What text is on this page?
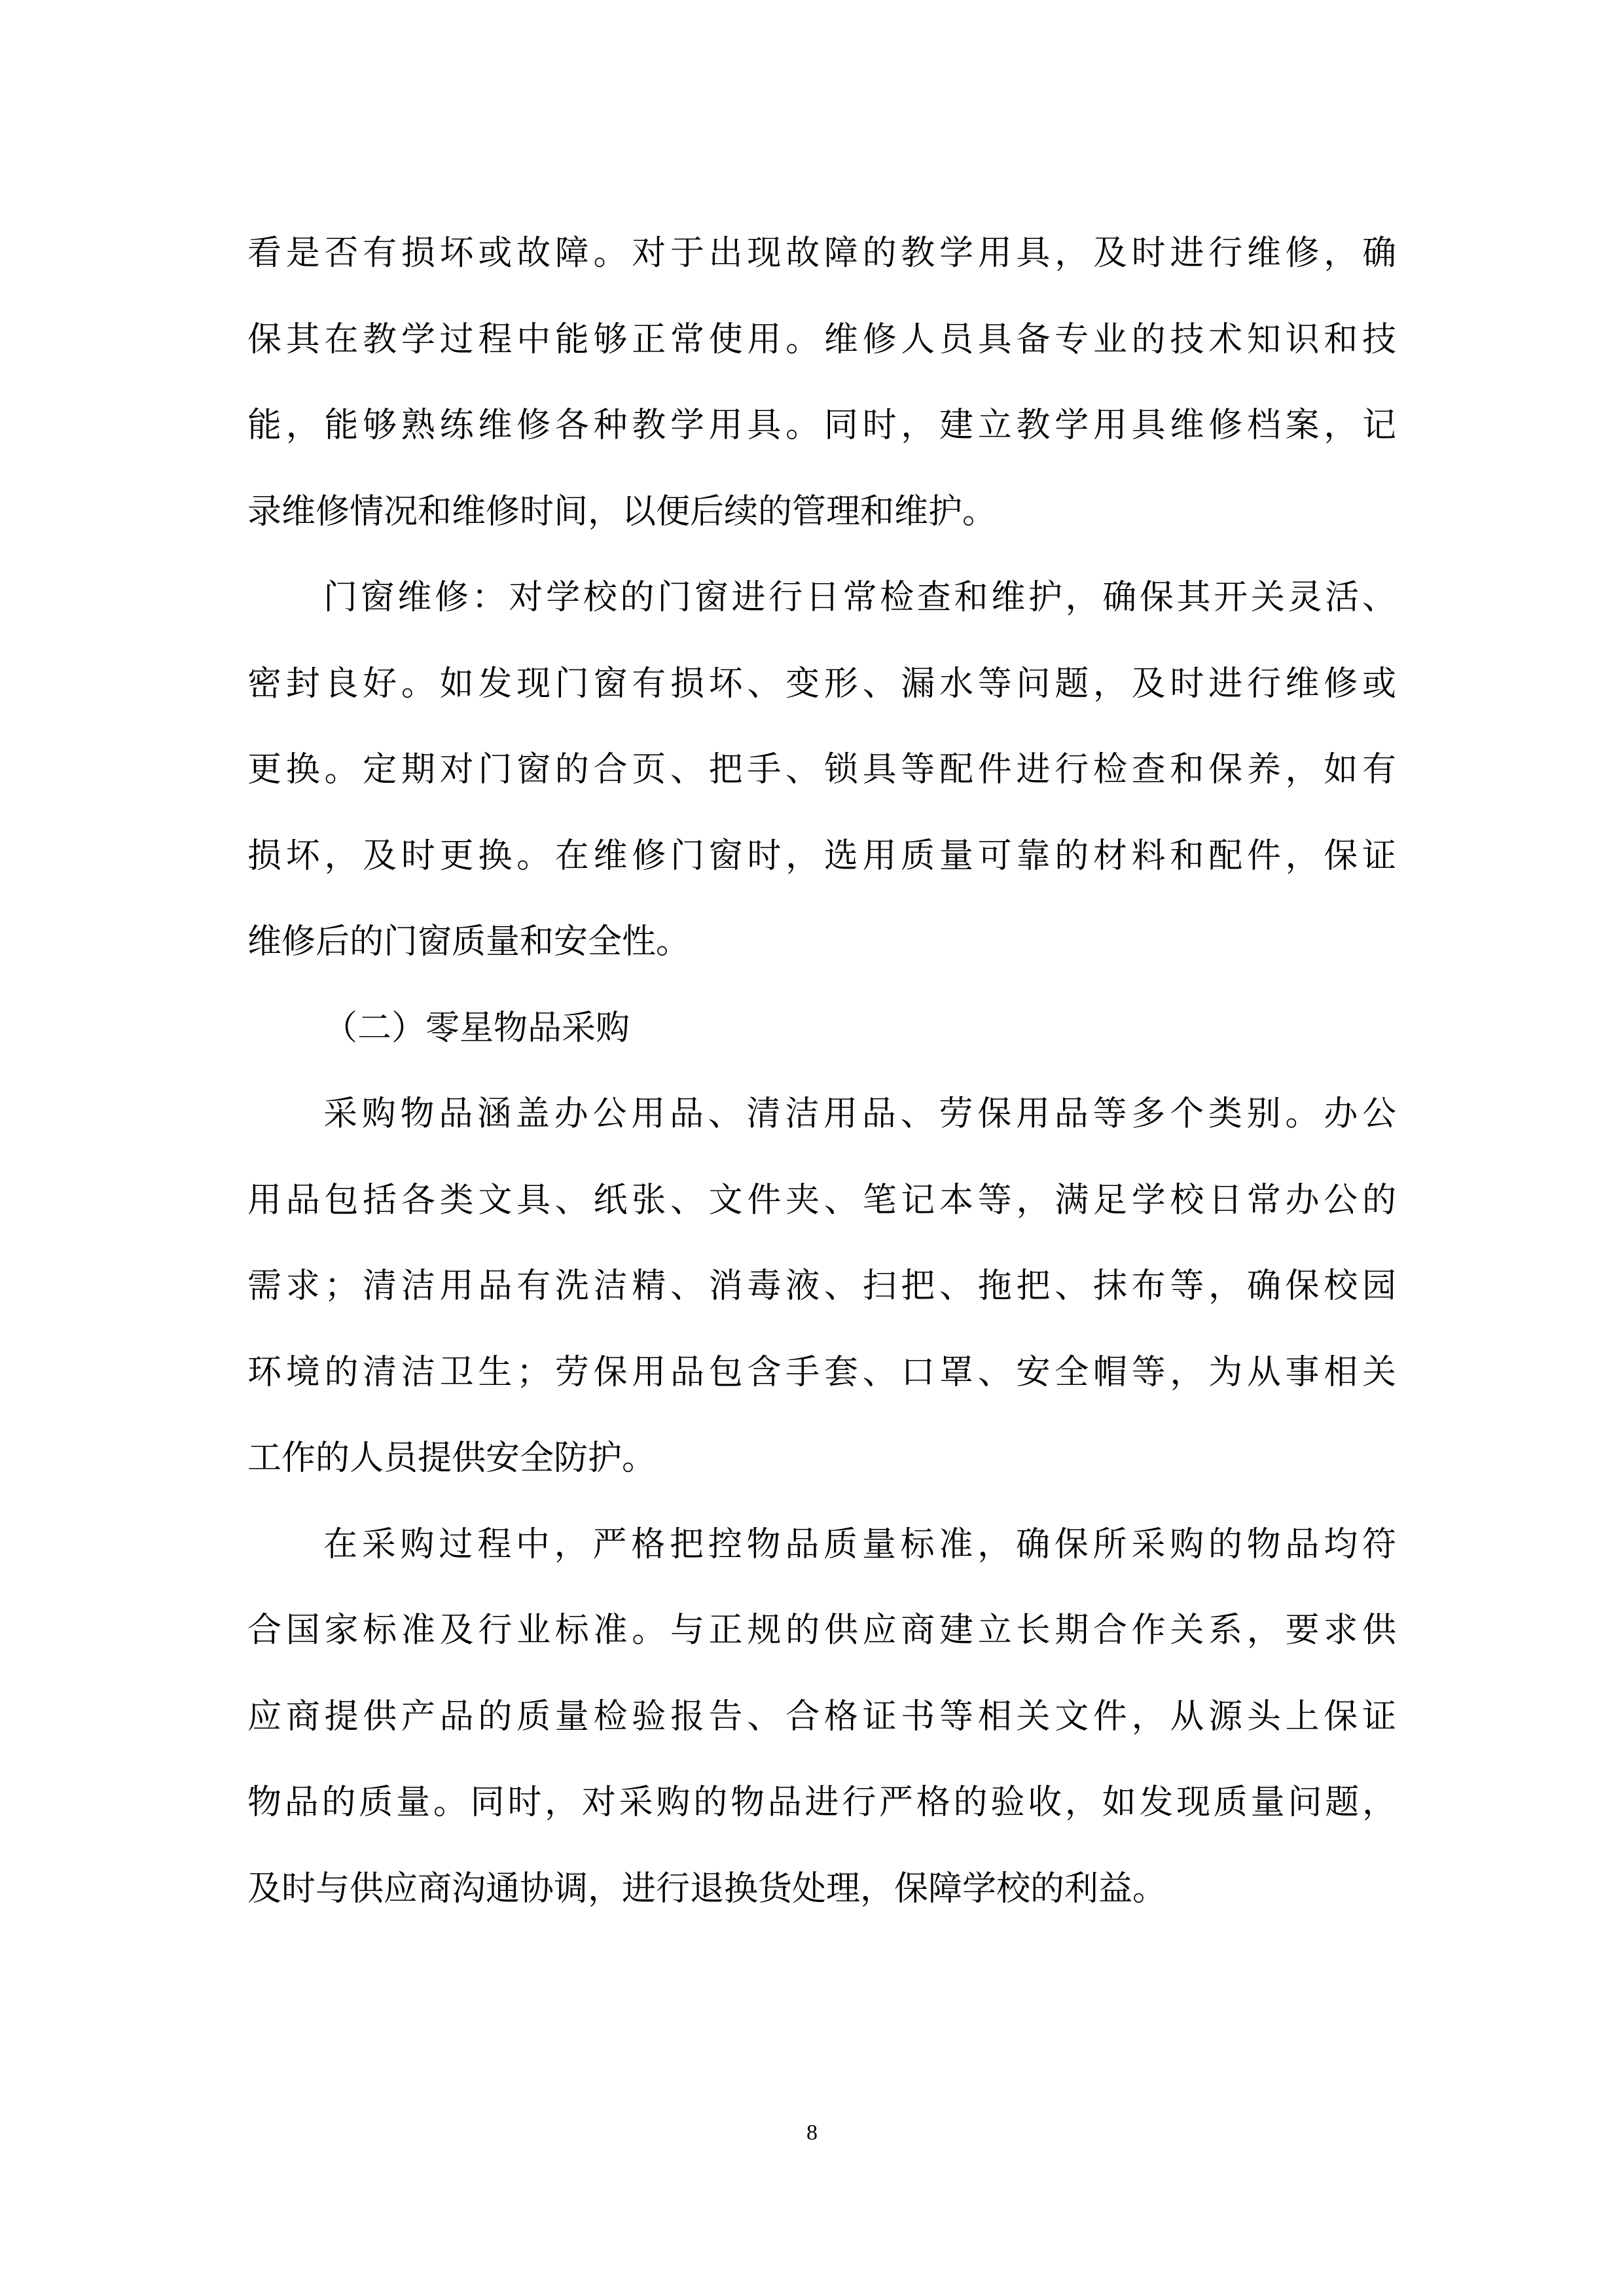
看是否有损坏或故障。对于出现故障的教学用具，及时进行维修，确
保其在教学过程中能够正常使用。维修人员具备专业的技术知识和技
能，能够熟练维修各种教学用具。同时，建立教学用具维修档案，记
录维修情况和维修时间，以便后续的管理和维护。
门窗维修：对学校的门窗进行日常检查和维护，确保其开关灵活、
密封良好。如发现门窗有损坏、变形、漏水等问题，及时进行维修或
更换。定期对门窗的合页、把手、锁具等配件进行检查和保养，如有
损坏，及时更换。在维修门窗时，选用质量可靠的材料和配件，保证
维修后的门窗质量和安全性。
（二）零星物品采购
采购物品涵盖办公用品、清洁用品、劳保用品等多个类别。办公
用品包括各类文具、纸张、文件夹、笔记本等，满足学校日常办公的
需求；清洁用品有洗洁精、消毒液、扫把、拖把、抹布等，确保校园
环境的清洁卫生；劳保用品包含手套、口罩、安全帽等，为从事相关
工作的人员提供安全防护。
在采购过程中，严格把控物品质量标准，确保所采购的物品均符
合国家标准及行业标准。与正规的供应商建立长期合作关系，要求供
应商提供产品的质量检验报告、合格证书等相关文件，从源头上保证
物品的质量。同时，对采购的物品进行严格的验收，如发现质量问题，
及时与供应商沟通协调，进行退换货处理，保障学校的利益。
8
